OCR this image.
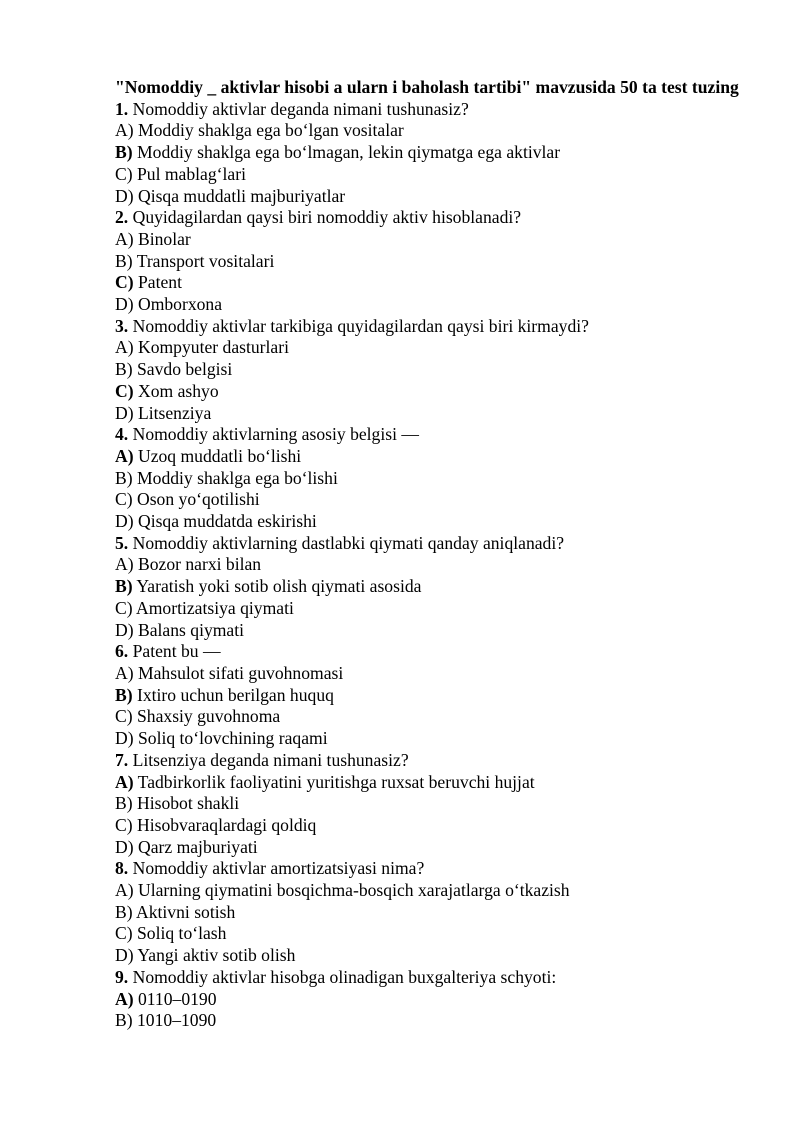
"Nomoddiy _ aktivlar hisobi a ularn i baholash tartibi" mavzusida 50 ta test tuzing

1. Nomoddiy aktivlar deganda nimani tushunasiz?
A) Moddiy shaklga ega bo‘lgan vositalar
B) Moddiy shaklga ega bo‘lmagan, lekin qiymatga ega aktivlar
C) Pul mablag‘lari
D) Qisqa muddatli majburiyatlar
2. Quyidagilardan qaysi biri nomoddiy aktiv hisoblanadi?
A) Binolar
B) Transport vositalari
C) Patent
D) Omborxona
3. Nomoddiy aktivlar tarkibiga quyidagilardan qaysi biri kirmaydi?
A) Kompyuter dasturlari
B) Savdo belgisi
C) Xom ashyo
D) Litsenziya
4. Nomoddiy aktivlarning asosiy belgisi —
A) Uzoq muddatli bo‘lishi
B) Moddiy shaklga ega bo‘lishi
C) Oson yo‘qotilishi
D) Qisqa muddatda eskirishi
5. Nomoddiy aktivlarning dastlabki qiymati qanday aniqlanadi?
A) Bozor narxi bilan
B) Yaratish yoki sotib olish qiymati asosida
C) Amortizatsiya qiymati
D) Balans qiymati
6. Patent bu —
A) Mahsulot sifati guvohnomasi
B) Ixtiro uchun berilgan huquq
C) Shaxsiy guvohnoma
D) Soliq to‘lovchining raqami
7. Litsenziya deganda nimani tushunasiz?
A) Tadbirkorlik faoliyatini yuritishga ruxsat beruvchi hujjat
B) Hisobot shakli
C) Hisobvaraqlardagi qoldiq
D) Qarz majburiyati
8. Nomoddiy aktivlar amortizatsiyasi nima?
A) Ularning qiymatini bosqichma-bosqich xarajatlarga o‘tkazish
B) Aktivni sotish
C) Soliq to‘lash
D) Yangi aktiv sotib olish
9. Nomoddiy aktivlar hisobga olinadigan buxgalteriya schyoti:
A) 0110–0190
B) 1010–1090
